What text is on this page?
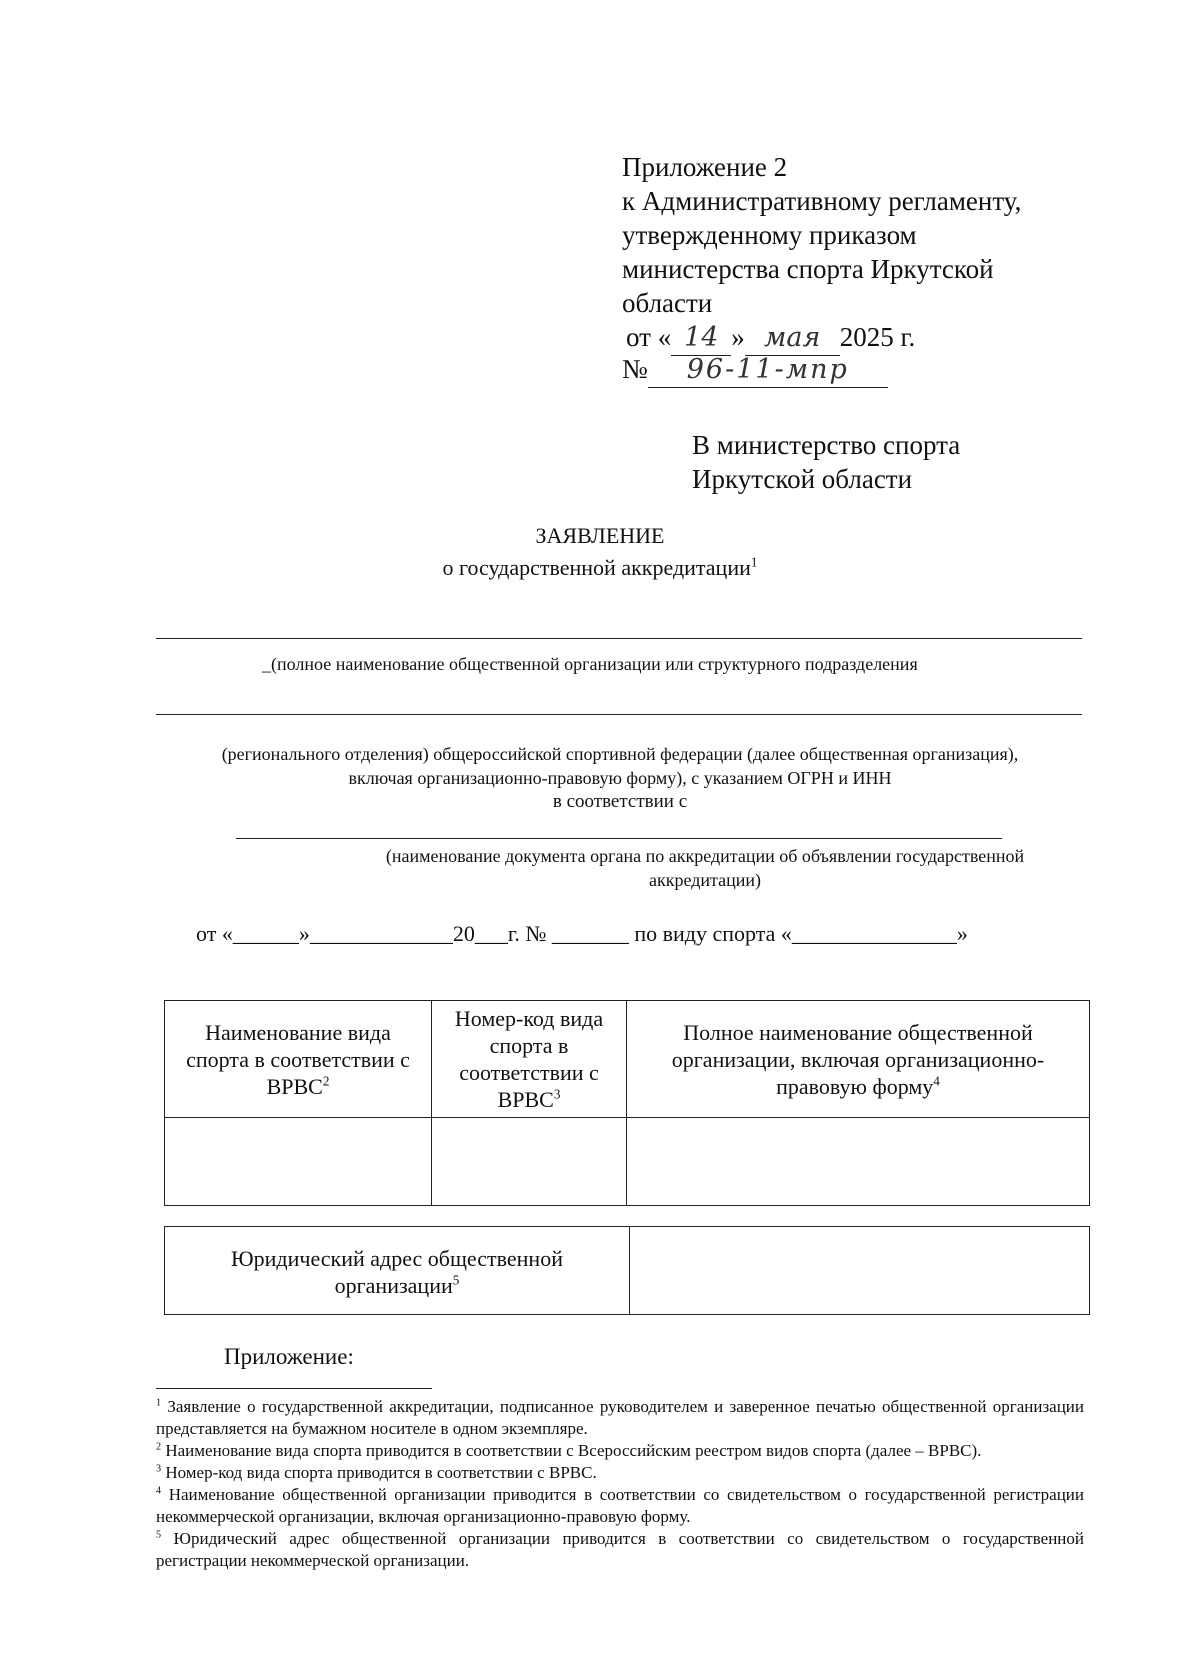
Приложение 2
к Административному регламенту,
утвержденному приказом
министерства спорта Иркутской
области
от « 14 » мая 2025 г.
№ 96-11-мпр
В министерство спорта
Иркутской области
ЗАЯВЛЕНИЕ
о государственной аккредитации$^1$
_(полное наименование общественной организации или структурного подразделения
(регионального отделения) общероссийской спортивной федерации (далее общественная организация),
включая организационно-правовую форму), с указанием ОГРН и ИНН
в соответствии с
(наименование документа органа по аккредитации об объявлении государственной
аккредитации)
от «______»_____________20___г. № _______ по виду спорта «_______________»
Наименование вида спорта в соответствии с ВРВС$^2$	Номер-код вида спорта в соответствии с ВРВС$^3$	Полное наименование общественной организации, включая организационно-правовую форму$^4$

Юридический адрес общественной организации$^5$	
Приложение:
$^1$ Заявление о государственной аккредитации, подписанное руководителем и заверенное печатью общественной организации представляется на бумажном носителе в одном экземпляре.
$^2$ Наименование вида спорта приводится в соответствии с Всероссийским реестром видов спорта (далее – ВРВС).
$^3$ Номер-код вида спорта приводится в соответствии с ВРВС.
$^4$ Наименование общественной организации приводится в соответствии со свидетельством о государственной регистрации некоммерческой организации, включая организационно-правовую форму.
$^5$ Юридический адрес общественной организации приводится в соответствии со свидетельством о государственной регистрации некоммерческой организации.
